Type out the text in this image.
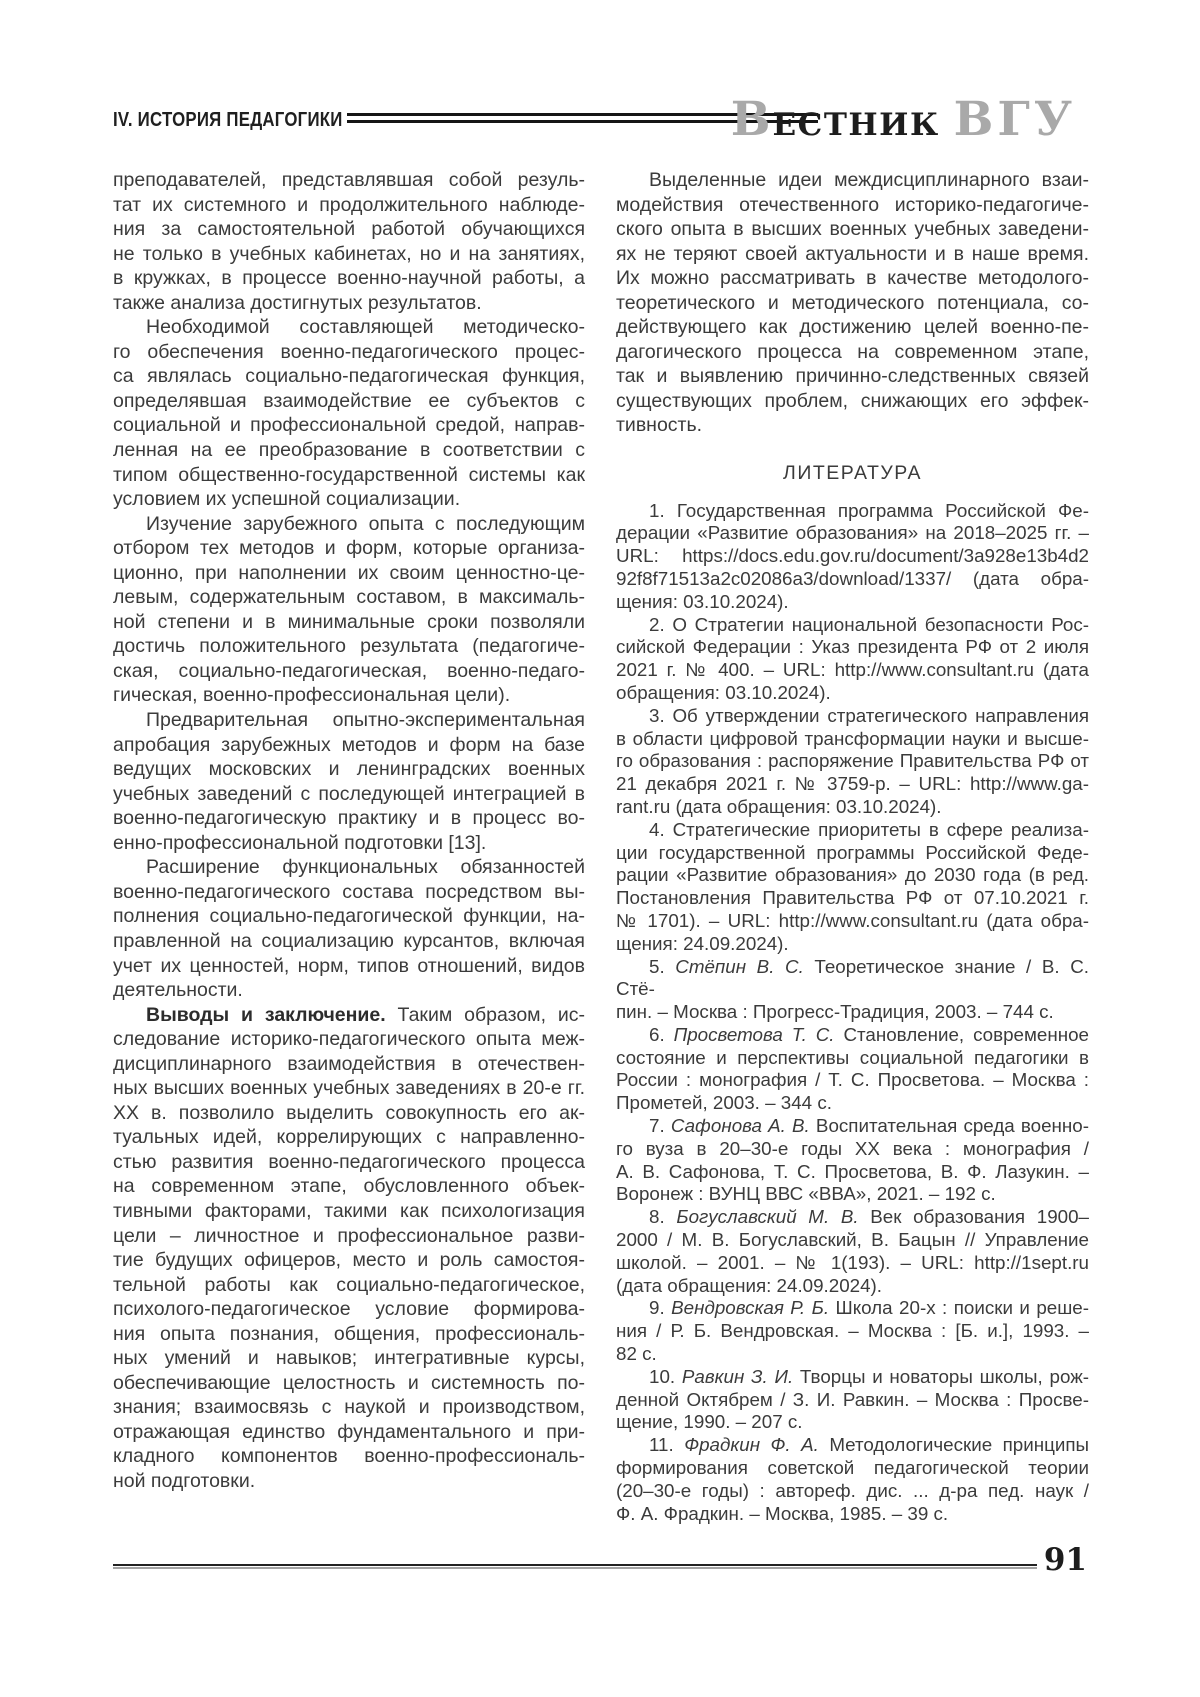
IV. ИСТОРИЯ ПЕДАГОГИКИ	ВЕСТНИК ВГУ
преподавателей, представлявшая собой резуль-
тат их системного и продолжительного наблюде-
ния за самостоятельной работой обучающихся
не только в учебных кабинетах, но и на занятиях,
в кружках, в процессе военно-научной работы, а
также анализа достигнутых результатов.
Необходимой составляющей методическо-
го обеспечения военно-педагогического процес-
са являлась социально-педагогическая функция,
определявшая взаимодействие ее субъектов с
социальной и профессиональной средой, направ-
ленная на ее преобразование в соответствии с
типом общественно-государственной системы как
условием их успешной социализации.
Изучение зарубежного опыта с последующим
отбором тех методов и форм, которые организа-
ционно, при наполнении их своим ценностно-це-
левым, содержательным составом, в максималь-
ной степени и в минимальные сроки позволяли
достичь положительного результата (педагогиче-
ская, социально-педагогическая, военно-педаго-
гическая, военно-профессиональная цели).
Предварительная опытно-экспериментальная
апробация зарубежных методов и форм на базе
ведущих московских и ленинградских военных
учебных заведений с последующей интеграцией в
военно-педагогическую практику и в процесс во-
енно-профессиональной подготовки [13].
Расширение функциональных обязанностей
военно-педагогического состава посредством вы-
полнения социально-педагогической функции, на-
правленной на социализацию курсантов, включая
учет их ценностей, норм, типов отношений, видов
деятельности.
Выводы и заключение. Таким образом, ис-
следование историко-педагогического опыта меж-
дисциплинарного взаимодействия в отечествен-
ных высших военных учебных заведениях в 20-е гг.
XX в. позволило выделить совокупность его ак-
туальных идей, коррелирующих с направленно-
стью развития военно-педагогического процесса
на современном этапе, обусловленного объек-
тивными факторами, такими как психологизация
цели – личностное и профессиональное разви-
тие будущих офицеров, место и роль самостоя-
тельной работы как социально-педагогическое,
психолого-педагогическое условие формирова-
ния опыта познания, общения, профессиональ-
ных умений и навыков; интегративные курсы,
обеспечивающие целостность и системность по-
знания; взаимосвязь с наукой и производством,
отражающая единство фундаментального и при-
кладного компонентов военно-профессиональ-
ной подготовки.
Выделенные идеи междисциплинарного взаи-
модействия отечественного историко-педагогиче-
ского опыта в высших военных учебных заведени-
ях не теряют своей актуальности и в наше время.
Их можно рассматривать в качестве методолого-
теоретического и методического потенциала, со-
действующего как достижению целей военно-пе-
дагогического процесса на современном этапе,
так и выявлению причинно-следственных связей
существующих проблем, снижающих его эффек-
тивность.
ЛИТЕРАТУРА
1. Государственная программа Российской Фе-
дерации «Развитие образования» на 2018–2025 гг. –
URL: https://docs.edu.gov.ru/document/3a928e13b4d2
92f8f71513a2c02086a3/download/1337/ (дата обра-
щения: 03.10.2024).
2. О Стратегии национальной безопасности Рос-
сийской Федерации : Указ президента РФ от 2 июля
2021 г. № 400. – URL: http://www.consultant.ru (дата
обращения: 03.10.2024).
3. Об утверждении стратегического направления
в области цифровой трансформации науки и высше-
го образования : распоряжение Правительства РФ от
21 декабря 2021 г. № 3759-р. – URL: http://www.ga-
rant.ru (дата обращения: 03.10.2024).
4. Стратегические приоритеты в сфере реализа-
ции государственной программы Российской Феде-
рации «Развитие образования» до 2030 года (в ред.
Постановления Правительства РФ от 07.10.2021 г.
№ 1701). – URL: http://www.consultant.ru (дата обра-
щения: 24.09.2024).
5. Стёпин В. С. Теоретическое знание / В. С. Стё-
пин. – Москва : Прогресс-Традиция, 2003. – 744 с.
6. Просветова Т. С. Становление, современное
состояние и перспективы социальной педагогики в
России : монография / Т. С. Просветова. – Москва :
Прометей, 2003. – 344 с.
7. Сафонова А. В. Воспитательная среда военно-
го вуза в 20–30-е годы XX века : монография /
А. В. Сафонова, Т. С. Просветова, В. Ф. Лазукин. –
Воронеж : ВУНЦ ВВС «ВВА», 2021. – 192 с.
8. Богуславский М. В. Век образования 1900–
2000 / М. В. Богуславский, В. Бацын // Управление
школой. – 2001. – № 1(193). – URL: http://1sept.ru
(дата обращения: 24.09.2024).
9. Вендровская Р. Б. Школа 20-х : поиски и реше-
ния / Р. Б. Вендровская. – Москва : [Б. и.], 1993. –
82 с.
10. Равкин З. И. Творцы и новаторы школы, рож-
денной Октябрем / З. И. Равкин. – Москва : Просве-
щение, 1990. – 207 с.
11. Фрадкин Ф. А. Методологические принципы
формирования советской педагогической теории
(20–30-е годы) : автореф. дис. ... д-ра пед. наук /
Ф. А. Фрадкин. – Москва, 1985. – 39 с.
91
